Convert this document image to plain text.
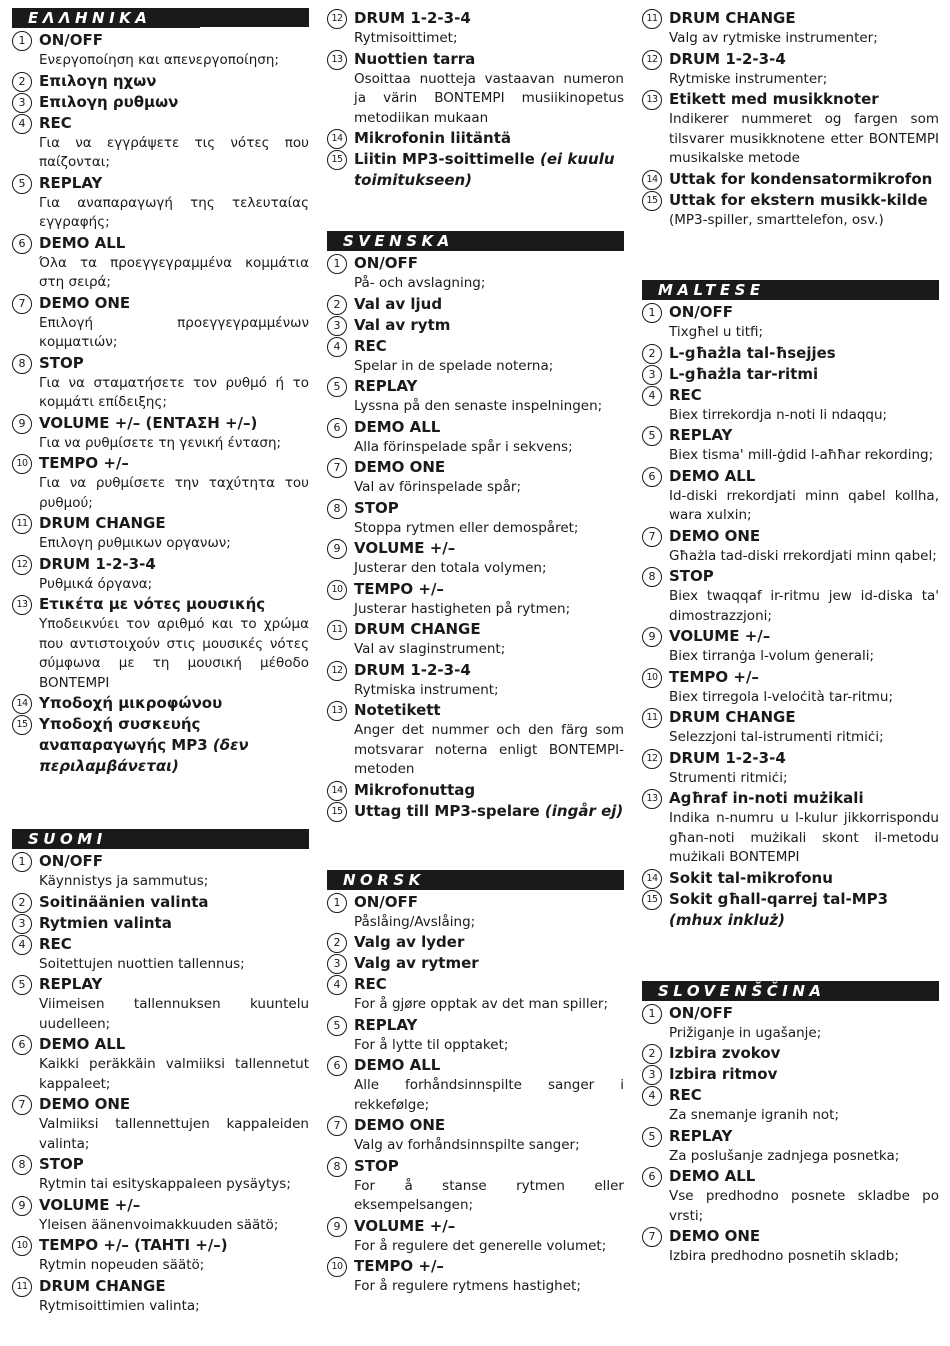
ΕΛΛΗΝΙΚΑ
1 ON/OFF
Ενεργοποίηση και απενεργοποίηση;
2 Επιλογη ηχων
3 Επιλογη ρυθμων
4 REC
Για να εγγράψετε τις νότες που παίζονται;
5 REPLAY
Για αναπαραγωγή της τελευταίας εγγραφής;
6 DEMO ALL
Όλα τα προεγγεγραμμένα κομμάτια στη σειρά;
7 DEMO ONE
Επιλογή προεγγεγραμμένων κομματιών;
8 STOP
Για να σταματήσετε τον ρυθμό ή το κομμάτι επίδειξης;
9 VOLUME +/– (ΕΝΤΑΣΗ +/–)
Για να ρυθμίσετε τη γενική ένταση;
10 TEMPO +/–
Για να ρυθμίσετε την ταχύτητα του ρυθμού;
11 DRUM CHANGE
Επιλογη ρυθμικων οργανων;
12 DRUM 1-2-3-4
Ρυθμικά όργανα;
13 Ετικέτα με νότες μουσικής
Υποδεικνύει τον αριθμό και το χρώμα που αντιστοιχούν στις μουσικές νότες σύμφωνα με τη μουσική μέθοδο BONTEMPI
14 Υποδοχή μικροφώνου
15 Υποδοχή συσκευής αναπαραγωγής MP3 (δεν περιλαμβάνεται)
SUOMI
1 ON/OFF
Käynnistys ja sammutus;
2 Soitinäänien valinta
3 Rytmien valinta
4 REC
Soitettujen nuottien tallennus;
5 REPLAY
Viimeisen tallennuksen kuuntelu uudelleen;
6 DEMO ALL
Kaikki peräkkäin valmiiksi tallennetut kappaleet;
7 DEMO ONE
Valmiiksi tallennettujen kappaleiden valinta;
8 STOP
Rytmin tai esityskappaleen pysäytys;
9 VOLUME +/–
Yleisen äänenvoimakkuuden säätö;
10 TEMPO +/– (TAHTI +/–)
Rytmin nopeuden säätö;
11 DRUM CHANGE
Rytmisoittimien valinta;
12 DRUM 1-2-3-4
Rytmisoittimet;
13 Nuottien tarra
Osoittaa nuotteja vastaavan numeron ja värin BONTEMPI musiikinopetus metodiikan mukaan
14 Mikrofonin liitäntä
15 Liitin MP3-soittimelle (ei kuulu toimitukseen)
SVENSKA
1 ON/OFF
På- och avslagning;
2 Val av ljud
3 Val av rytm
4 REC
Spelar in de spelade noterna;
5 REPLAY
Lyssna på den senaste inspelningen;
6 DEMO ALL
Alla förinspelade spår i sekvens;
7 DEMO ONE
Val av förinspelade spår;
8 STOP
Stoppa rytmen eller demospåret;
9 VOLUME +/–
Justerar den totala volymen;
10 TEMPO +/–
Justerar hastigheten på rytmen;
11 DRUM CHANGE
Val av slaginstrument;
12 DRUM 1-2-3-4
Rytmiska instrument;
13 Notetikett
Anger det nummer och den färg som motsvarar noterna enligt BONTEMPI-metoden
14 Mikrofonuttag
15 Uttag till MP3-spelare (ingår ej)
NORSK
1 ON/OFF
Påslåing/Avslåing;
2 Valg av lyder
3 Valg av rytmer
4 REC
For å gjøre opptak av det man spiller;
5 REPLAY
For å lytte til opptaket;
6 DEMO ALL
Alle forhåndsinnspilte sanger i rekkefølge;
7 DEMO ONE
Valg av forhåndsinnspilte sanger;
8 STOP
For å stanse rytmen eller eksempelsangen;
9 VOLUME +/–
For å regulere det generelle volumet;
10 TEMPO +/–
For å regulere rytmens hastighet;
11 DRUM CHANGE
Valg av rytmiske instrumenter;
12 DRUM 1-2-3-4
Rytmiske instrumenter;
13 Etikett med musikknoter
Indikerer nummeret og fargen som tilsvarer musikknotene etter BONTEMPI musikalske metode
14 Uttak for kondensatormikrofon
15 Uttak for ekstern musikk-kilde
(MP3-spiller, smarttelefon, osv.)
MALTESE
1 ON/OFF
Tixgħel u titfi;
2 L-għażla tal-ħsejjes
3 L-għażla tar-ritmi
4 REC
Biex tirrekordja n-noti li ndaqqu;
5 REPLAY
Biex tisma' mill-ġdid l-aħħar rekording;
6 DEMO ALL
Id-diski rrekordjati minn qabel kollha, wara xulxin;
7 DEMO ONE
Għażla tad-diski rrekordjati minn qabel;
8 STOP
Biex twaqqaf ir-ritmu jew id-diska ta' dimostrazzjoni;
9 VOLUME +/–
Biex tirranġa l-volum ġenerali;
10 TEMPO +/–
Biex tirregola l-veloċità tar-ritmu;
11 DRUM CHANGE
Selezzjoni tal-istrumenti ritmiċi;
12 DRUM 1-2-3-4
Strumenti ritmiċi;
13 Agħraf in-noti mużikali
Indika n-numru u l-kulur jikkorrispondu għan-noti mużikali skont il-metodu mużikali BONTEMPI
14 Sokit tal-mikrofonu
15 Sokit għall-qarrej tal-MP3 (mhux inkluż)
SLOVENŠČINA
1 ON/OFF
Prižiganje in ugašanje;
2 Izbira zvokov
3 Izbira ritmov
4 REC
Za snemanje igranih not;
5 REPLAY
Za poslušanje zadnjega posnetka;
6 DEMO ALL
Vse predhodno posnete skladbe po vrsti;
7 DEMO ONE
Izbira predhodno posnetih skladb;
